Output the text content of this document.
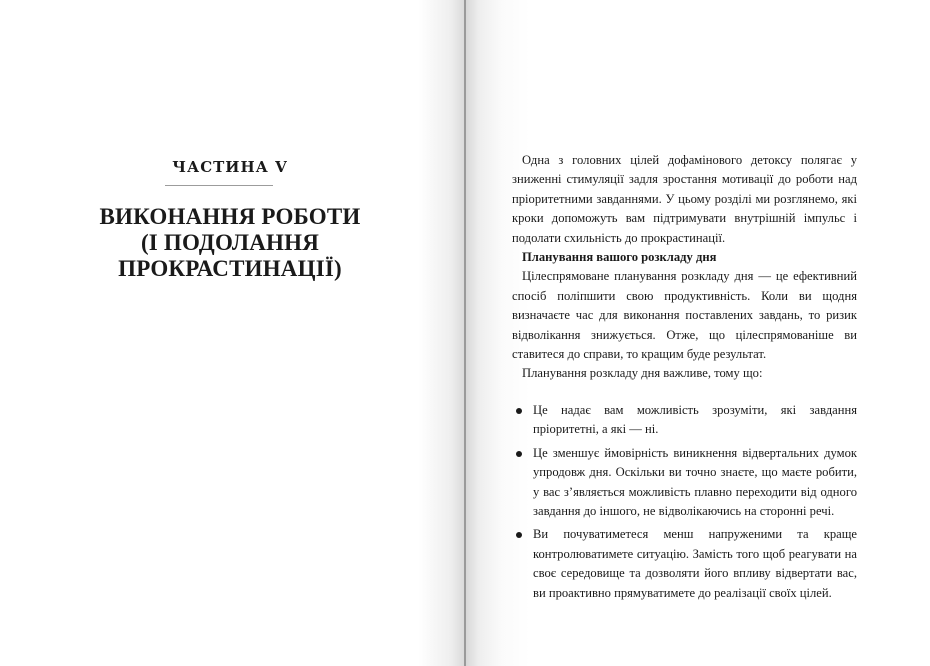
ЧАСТИНА V
ВИКОНАННЯ РОБОТИ
(І ПОДОЛАННЯ
ПРОКРАСТИНАЦІЇ)

Одна з головних цілей дофамінового детоксу полягає у зниженні стимуляції задля зростання мотивації до роботи над пріоритетними завданнями. У цьому розділі ми розглянемо, які кроки допоможуть вам підтримувати внутрішній імпульс і подолати схильність до прокрастинації.

Планування вашого розкладу дня

Цілеспрямоване планування розкладу дня — це ефективний спосіб поліпшити свою продуктивність. Коли ви щодня визначаєте час для виконання поставлених завдань, то ризик відволікання знижується. Отже, що цілеспрямованіше ви ставитеся до справи, то кращим буде результат.

Планування розкладу дня важливе, тому що:

Це надає вам можливість зрозуміти, які завдання пріоритетні, а які — ні.
Це зменшує ймовірність виникнення відвертальних думок упродовж дня. Оскільки ви точно знаєте, що маєте робити, у вас з’являється можливість плавно переходити від одного завдання до іншого, не відволікаючись на сторонні речі.
Ви почуватиметеся менш напруженими та краще контролюватимете ситуацію. Замість того щоб реагувати на своє середовище та дозволяти його впливу відвертати вас, ви проактивно прямуватимете до реалізації своїх цілей.
